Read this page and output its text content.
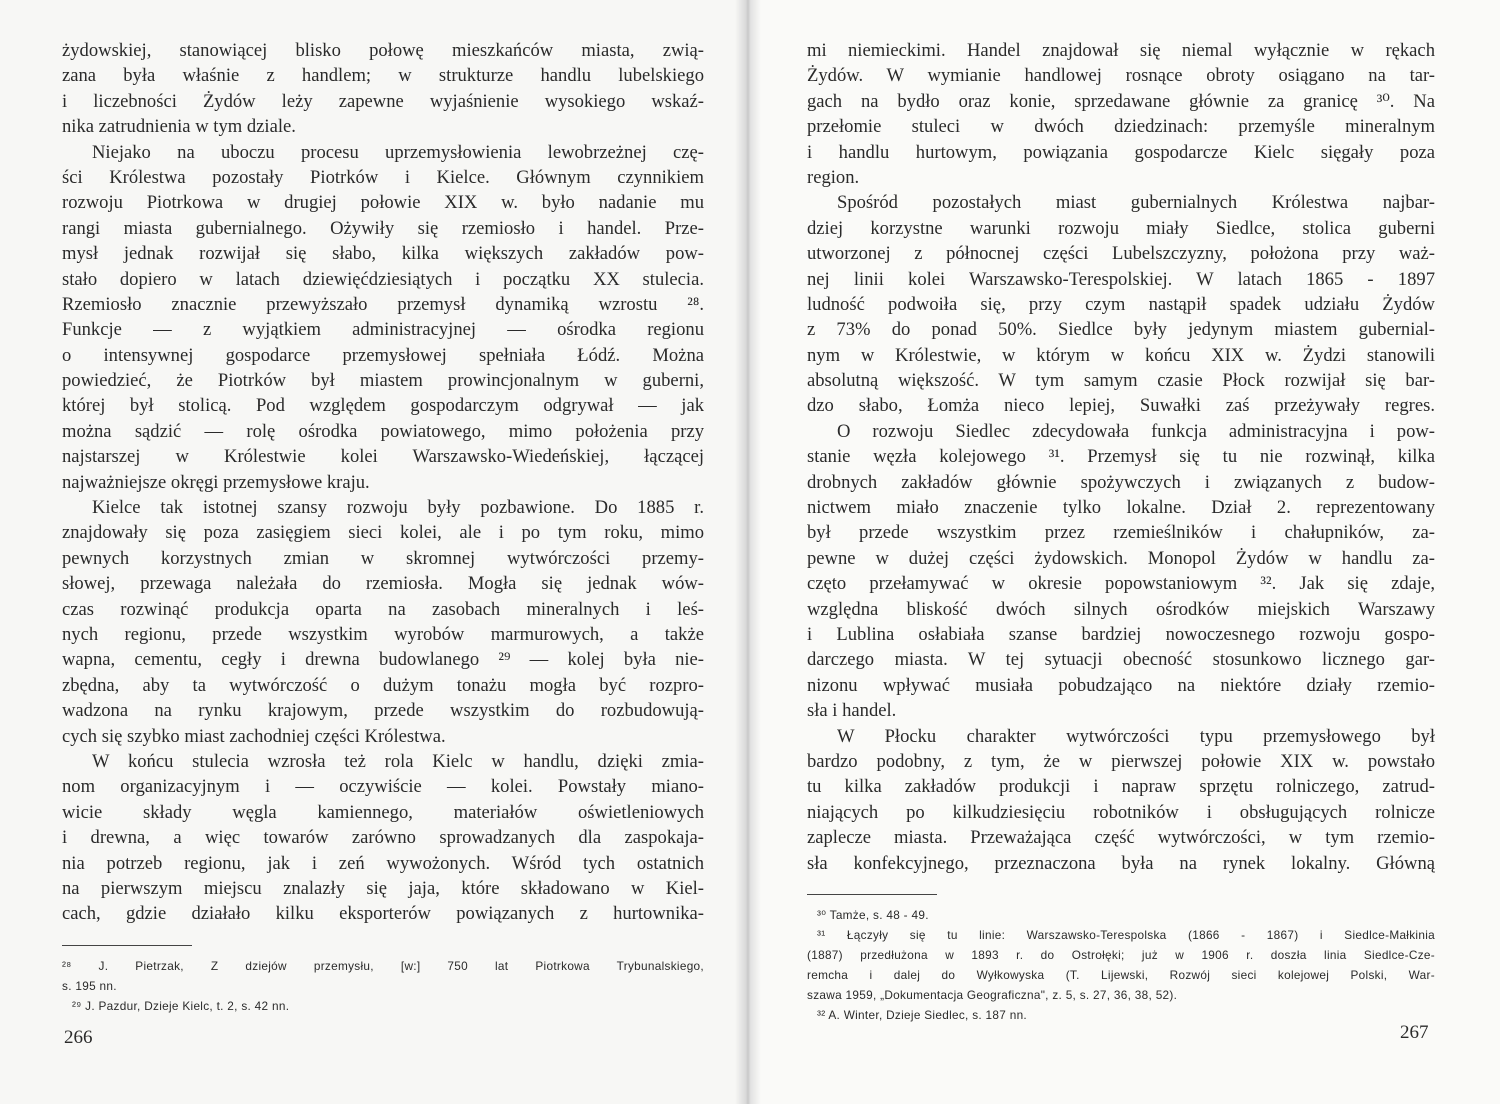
żydowskiej, stanowiącej blisko połowę mieszkańców miasta, zwią-
zana była właśnie z handlem; w strukturze handlu lubelskiego
i liczebności Żydów leży zapewne wyjaśnienie wysokiego wskaź-
nika zatrudnienia w tym dziale.
Niejako na uboczu procesu uprzemysłowienia lewobrzeżnej czę-
ści Królestwa pozostały Piotrków i Kielce. Głównym czynnikiem
rozwoju Piotrkowa w drugiej połowie XIX w. było nadanie mu
rangi miasta gubernialnego. Ożywiły się rzemiosło i handel. Prze-
mysł jednak rozwijał się słabo, kilka większych zakładów pow-
stało dopiero w latach dziewięćdziesiątych i początku XX stulecia.
Rzemiosło znacznie przewyższało przemysł dynamiką wzrostu ²⁸.
Funkcje — z wyjątkiem administracyjnej — ośrodka regionu
o intensywnej gospodarce przemysłowej spełniała Łódź. Można
powiedzieć, że Piotrków był miastem prowincjonalnym w guberni,
której był stolicą. Pod względem gospodarczym odgrywał — jak
można sądzić — rolę ośrodka powiatowego, mimo położenia przy
najstarszej w Królestwie kolei Warszawsko-Wiedeńskiej, łączącej
najważniejsze okręgi przemysłowe kraju.
Kielce tak istotnej szansy rozwoju były pozbawione. Do 1885 r.
znajdowały się poza zasięgiem sieci kolei, ale i po tym roku, mimo
pewnych korzystnych zmian w skromnej wytwórczości przemy-
słowej, przewaga należała do rzemiosła. Mogła się jednak wów-
czas rozwinąć produkcja oparta na zasobach mineralnych i leś-
nych regionu, przede wszystkim wyrobów marmurowych, a także
wapna, cementu, cegły i drewna budowlanego ²⁹ — kolej była nie-
zbędna, aby ta wytwórczość o dużym tonażu mogła być rozpro-
wadzona na rynku krajowym, przede wszystkim do rozbudowują-
cych się szybko miast zachodniej części Królestwa.
W końcu stulecia wzrosła też rola Kielc w handlu, dzięki zmia-
nom organizacyjnym i — oczywiście — kolei. Powstały miano-
wicie składy węgla kamiennego, materiałów oświetleniowych
i drewna, a więc towarów zarówno sprowadzanych dla zaspokaja-
nia potrzeb regionu, jak i zeń wywożonych. Wśród tych ostatnich
na pierwszym miejscu znalazły się jaja, które składowano w Kiel-
cach, gdzie działało kilku eksporterów powiązanych z hurtownika-
²⁸ J. Pietrzak, Z dziejów przemysłu, [w:] 750 lat Piotrkowa Trybunalskiego,
s. 195 nn.
²⁹ J. Pazdur, Dzieje Kielc, t. 2, s. 42 nn.
266
mi niemieckimi. Handel znajdował się niemal wyłącznie w rękach
Żydów. W wymianie handlowej rosnące obroty osiągano na tar-
gach na bydło oraz konie, sprzedawane głównie za granicę ³⁰. Na
przełomie stuleci w dwóch dziedzinach: przemyśle mineralnym
i handlu hurtowym, powiązania gospodarcze Kielc sięgały poza
region.
Spośród pozostałych miast gubernialnych Królestwa najbar-
dziej korzystne warunki rozwoju miały Siedlce, stolica guberni
utworzonej z północnej części Lubelszczyzny, położona przy waż-
nej linii kolei Warszawsko-Terespolskiej. W latach 1865 - 1897
ludność podwoiła się, przy czym nastąpił spadek udziału Żydów
z 73% do ponad 50%. Siedlce były jedynym miastem gubernial-
nym w Królestwie, w którym w końcu XIX w. Żydzi stanowili
absolutną większość. W tym samym czasie Płock rozwijał się bar-
dzo słabo, Łomża nieco lepiej, Suwałki zaś przeżywały regres.
O rozwoju Siedlec zdecydowała funkcja administracyjna i pow-
stanie węzła kolejowego ³¹. Przemysł się tu nie rozwinął, kilka
drobnych zakładów głównie spożywczych i związanych z budow-
nictwem miało znaczenie tylko lokalne. Dział 2. reprezentowany
był przede wszystkim przez rzemieślników i chałupników, za-
pewne w dużej części żydowskich. Monopol Żydów w handlu za-
częto przełamywać w okresie popowstaniowym ³². Jak się zdaje,
względna bliskość dwóch silnych ośrodków miejskich Warszawy
i Lublina osłabiała szanse bardziej nowoczesnego rozwoju gospo-
darczego miasta. W tej sytuacji obecność stosunkowo licznego gar-
nizonu wpływać musiała pobudzająco na niektóre działy rzemio-
sła i handel.
W Płocku charakter wytwórczości typu przemysłowego był
bardzo podobny, z tym, że w pierwszej połowie XIX w. powstało
tu kilka zakładów produkcji i napraw sprzętu rolniczego, zatrud-
niających po kilkudziesięciu robotników i obsługujących rolnicze
zaplecze miasta. Przeważająca część wytwórczości, w tym rzemio-
sła konfekcyjnego, przeznaczona była na rynek lokalny. Główną
³⁰ Tamże, s. 48 - 49.
³¹ Łączyły się tu linie: Warszawsko-Terespolska (1866 - 1867) i Siedlce-Małkinia
(1887) przedłużona w 1893 r. do Ostrołęki; już w 1906 r. doszła linia Siedlce-Cze-
remcha i dalej do Wyłkowyska (T. Lijewski, Rozwój sieci kolejowej Polski, War-
szawa 1959, „Dokumentacja Geograficzna", z. 5, s. 27, 36, 38, 52).
³² A. Winter, Dzieje Siedlec, s. 187 nn.
267
